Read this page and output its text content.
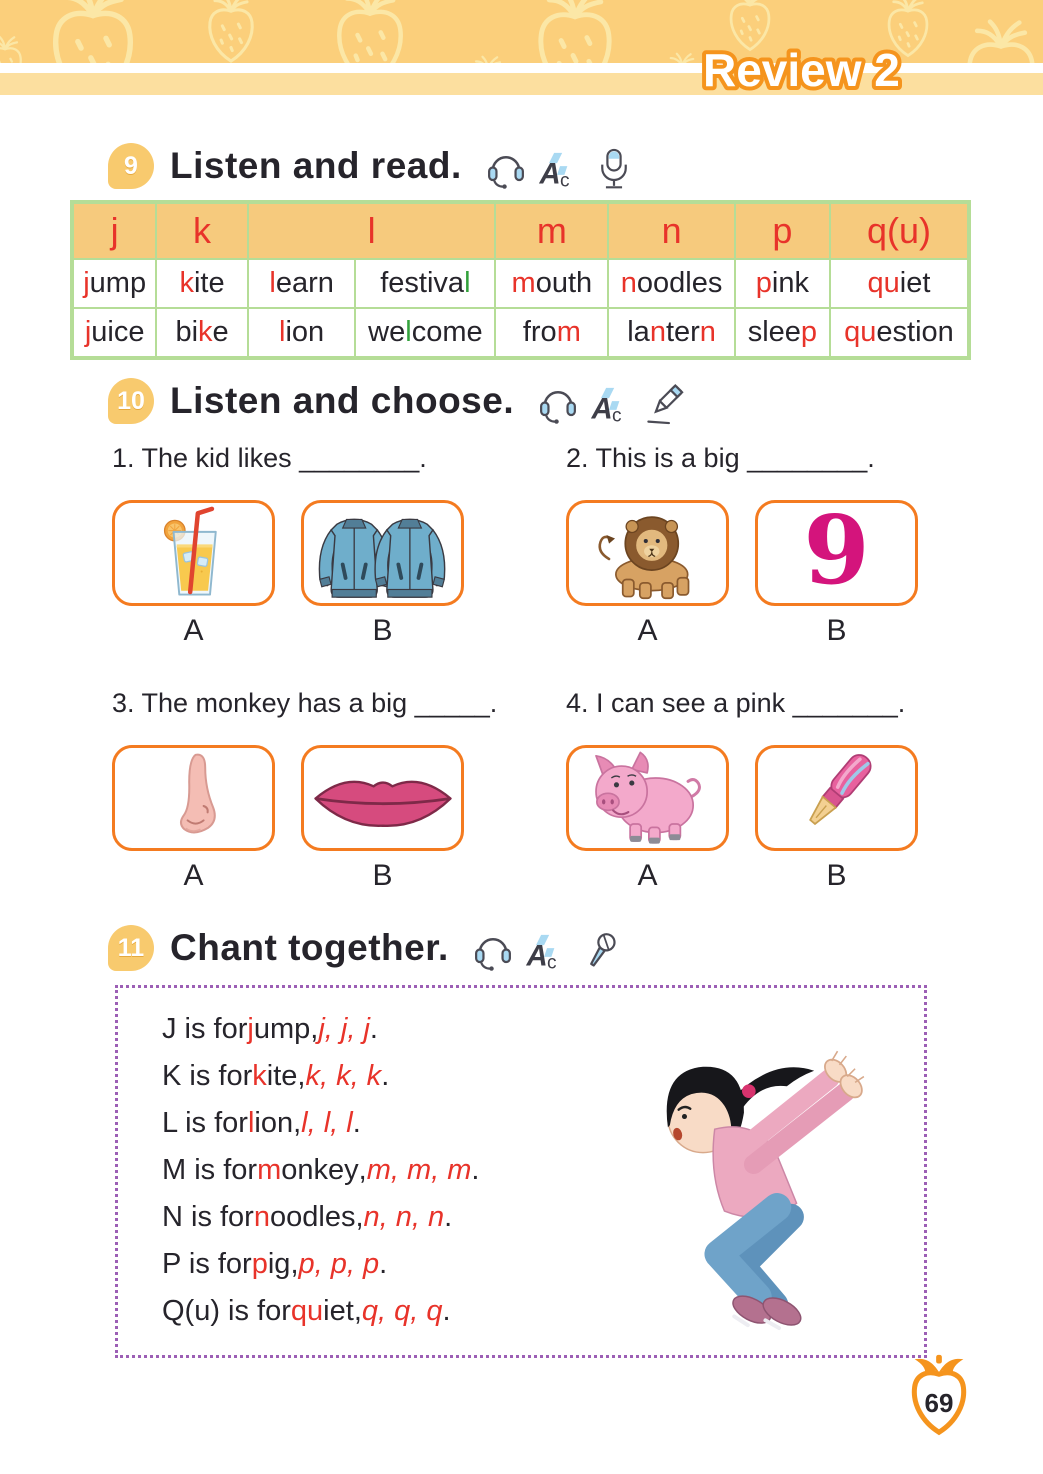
Review 2
9 Listen and read. A c
j	k	l		m	n	p	q(u)
jump	kite	learn	festival	mouth	noodles	pink	quiet
juice	bike	lion	welcome	from	lantern	sleep	question
10 Listen and choose. A c
1. The kid likes ________.
A	B
2. This is a big ________.
A
9
B
3. The monkey has a big _____.
A	B
4. I can see a pink _______.
A	B
11 Chant together. A c
J is for j ump , j, j, j .
K is for k ite , k, k, k .
L is for l ion , l, l, l .
M is for m onkey , m, m, m .
N is for n oodles , n, n, n .
P is for p ig , p, p, p .
Q(u) is for qu iet , q, q, q .
69
